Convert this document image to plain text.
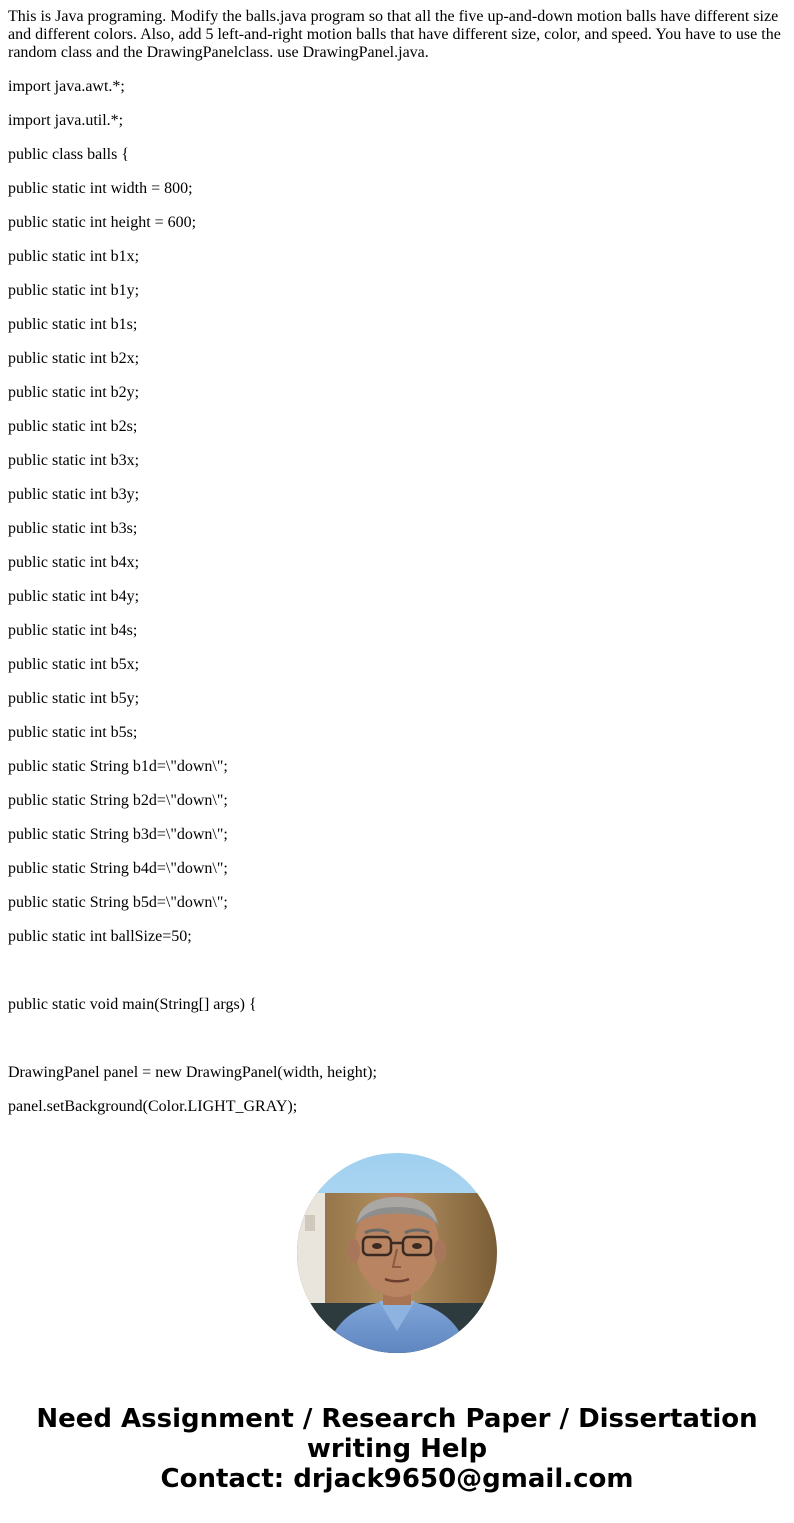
This is Java programing. Modify the balls.java program so that all the five up-and-down motion balls have different size and different colors. Also, add 5 left-and-right motion balls that have different size, color, and speed. You have to use the random class and the DrawingPanelclass. use DrawingPanel.java.

import java.awt.*;

import java.util.*;

public class balls {

public static int width = 800;

public static int height = 600;

public static int b1x;

public static int b1y;

public static int b1s;

public static int b2x;

public static int b2y;

public static int b2s;

public static int b3x;

public static int b3y;

public static int b3s;

public static int b4x;

public static int b4y;

public static int b4s;

public static int b5x;

public static int b5y;

public static int b5s;

public static String b1d=\"down\";

public static String b2d=\"down\";

public static String b3d=\"down\";

public static String b4d=\"down\";

public static String b5d=\"down\";

public static int ballSize=50;

public static void main(String[] args) {

DrawingPanel panel = new DrawingPanel(width, height);

panel.setBackground(Color.LIGHT_GRAY);

Need Assignment / Research Paper / Dissertation
writing Help
Contact: drjack9650@gmail.com
